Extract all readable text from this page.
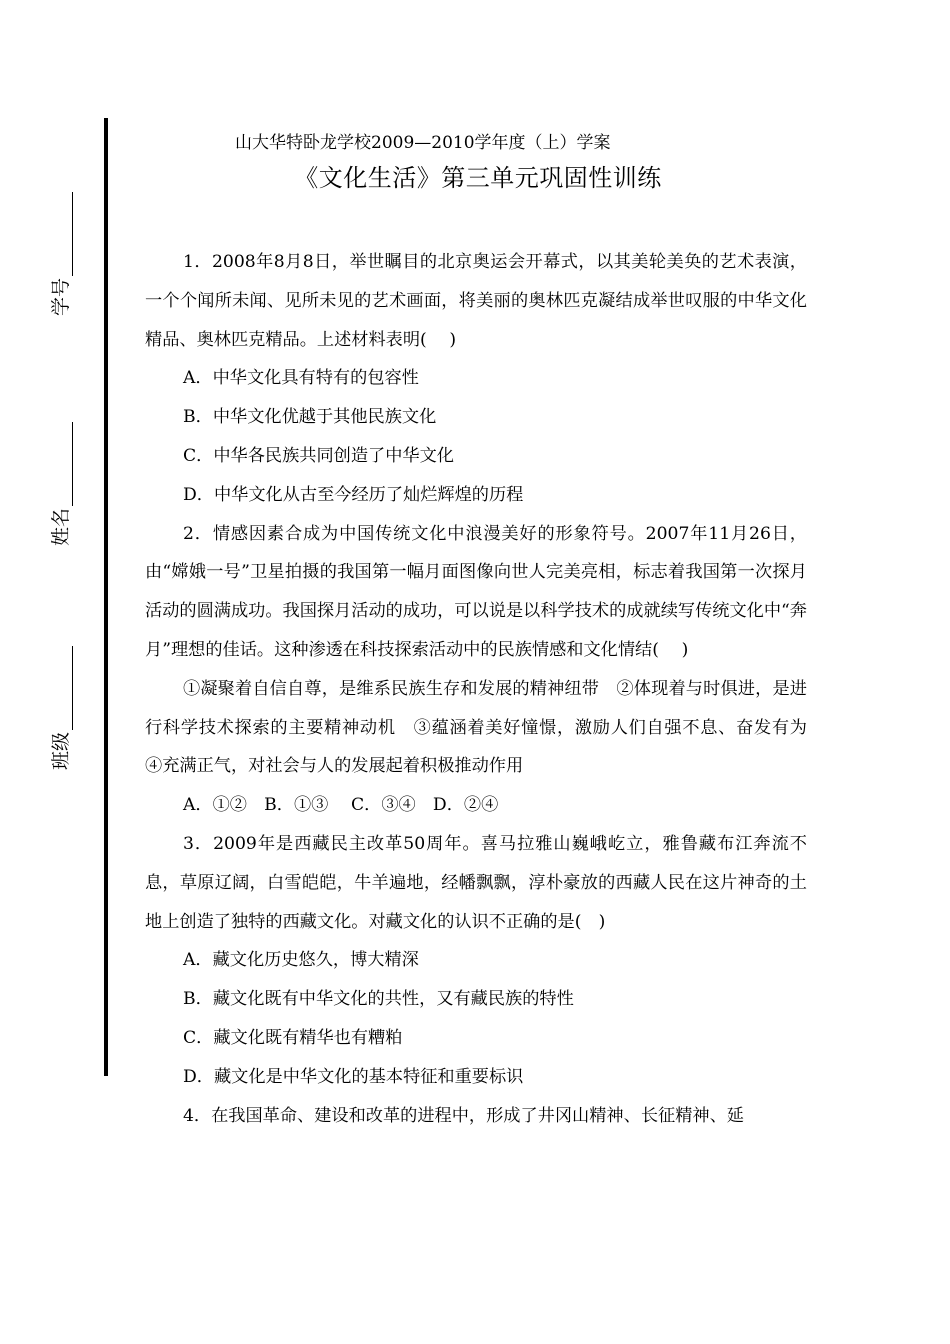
学号
姓名
班级
山大华特卧龙学校2009—2010学年度（上）学案
《文化生活》第三单元巩固性训练

1．2008年8月8日，举世瞩目的北京奥运会开幕式，以其美轮美奂的艺术表演，一个个闻所未闻、见所未见的艺术画面，将美丽的奥林匹克凝结成举世叹服的中华文化精品、奥林匹克精品。上述材料表明(　 )

A．中华文化具有特有的包容性

B．中华文化优越于其他民族文化

C．中华各民族共同创造了中华文化

D．中华文化从古至今经历了灿烂辉煌的历程

2．情感因素合成为中国传统文化中浪漫美好的形象符号。2007年11月26日，由“嫦娥一号”卫星拍摄的我国第一幅月面图像向世人完美亮相，标志着我国第一次探月活动的圆满成功。我国探月活动的成功，可以说是以科学技术的成就续写传统文化中“奔月”理想的佳话。这种渗透在科技探索活动中的民族情感和文化情结(　 )

①凝聚着自信自尊，是维系民族生存和发展的精神纽带　②体现着与时俱进，是进行科学技术探索的主要精神动机　③蕴涵着美好憧憬，激励人们自强不息、奋发有为　④充满正气，对社会与人的发展起着积极推动作用

A．①②　B．①③　 C．③④　D．②④

3．2009年是西藏民主改革50周年。喜马拉雅山巍峨屹立，雅鲁藏布江奔流不息，草原辽阔，白雪皑皑，牛羊遍地，经幡飘飘，淳朴豪放的西藏人民在这片神奇的土地上创造了独特的西藏文化。对藏文化的认识不正确的是(　)

A．藏文化历史悠久，博大精深

B．藏文化既有中华文化的共性，又有藏民族的特性

C．藏文化既有精华也有糟粕

D．藏文化是中华文化的基本特征和重要标识

4．在我国革命、建设和改革的进程中，形成了井冈山精神、长征精神、延
